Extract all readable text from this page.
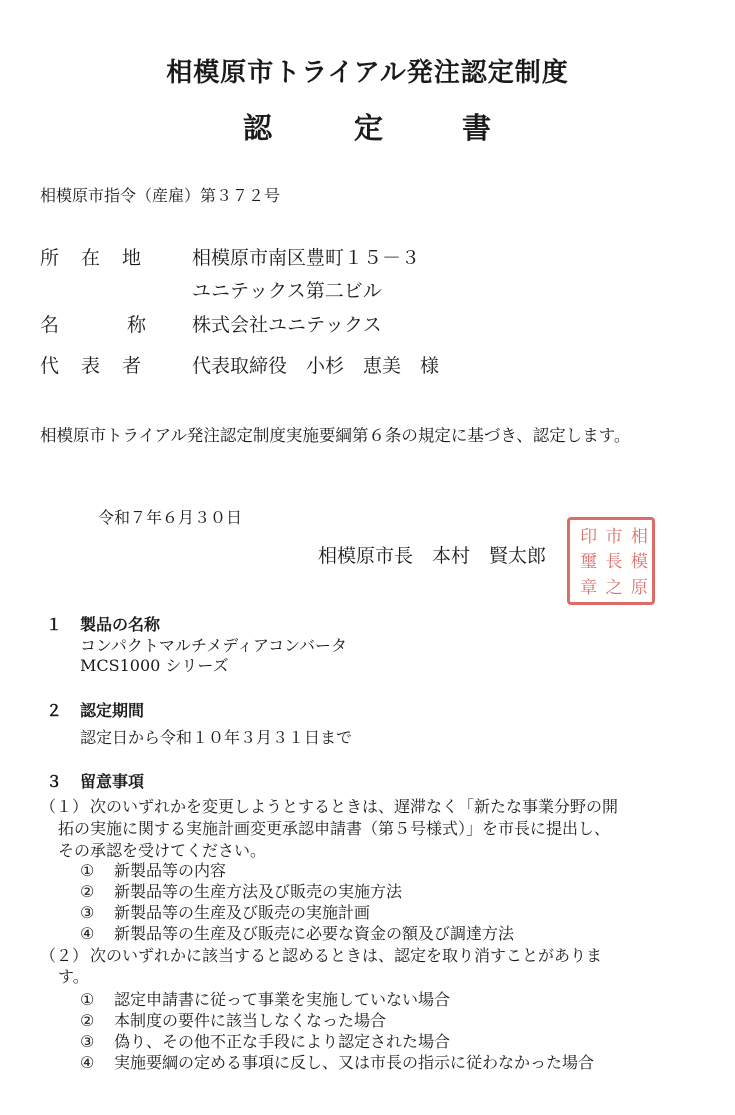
相模原市トライアル発注認定制度
認	定	書
相模原市指令（産雇）第３７２号
所在地 相模原市南区豊町１５－３
ユニテックス第二ビル
名称
株式会社ユニテックス
代表者 代表取締役　小杉　恵美　様
相模原市トライアル発注認定制度実施要綱第６条の規定に基づき、認定します。
令和７年６月３０日
相模原市長　本村　賢太郎
相
模
原
市
長
之
印
璽
章
１ 製品の名称
コンパクトマルチメディアコンバータ
MCS1000 シリーズ
２ 認定期間
認定日から令和１０年３月３１日まで
３ 留意事項
（１） 次のいずれかを変更しようとするときは、遅滞なく「新たな事業分野の開
拓の実施に関する実施計画変更承認申請書（第５号様式）」を市長に提出し、
その承認を受けてください。
① 新製品等の内容
② 新製品等の生産方法及び販売の実施方法
③ 新製品等の生産及び販売の実施計画
④ 新製品等の生産及び販売に必要な資金の額及び調達方法
（２） 次のいずれかに該当すると認めるときは、認定を取り消すことがありま
す。
① 認定申請書に従って事業を実施していない場合
② 本制度の要件に該当しなくなった場合
③ 偽り、その他不正な手段により認定された場合
④ 実施要綱の定める事項に反し、又は市長の指示に従わなかった場合
